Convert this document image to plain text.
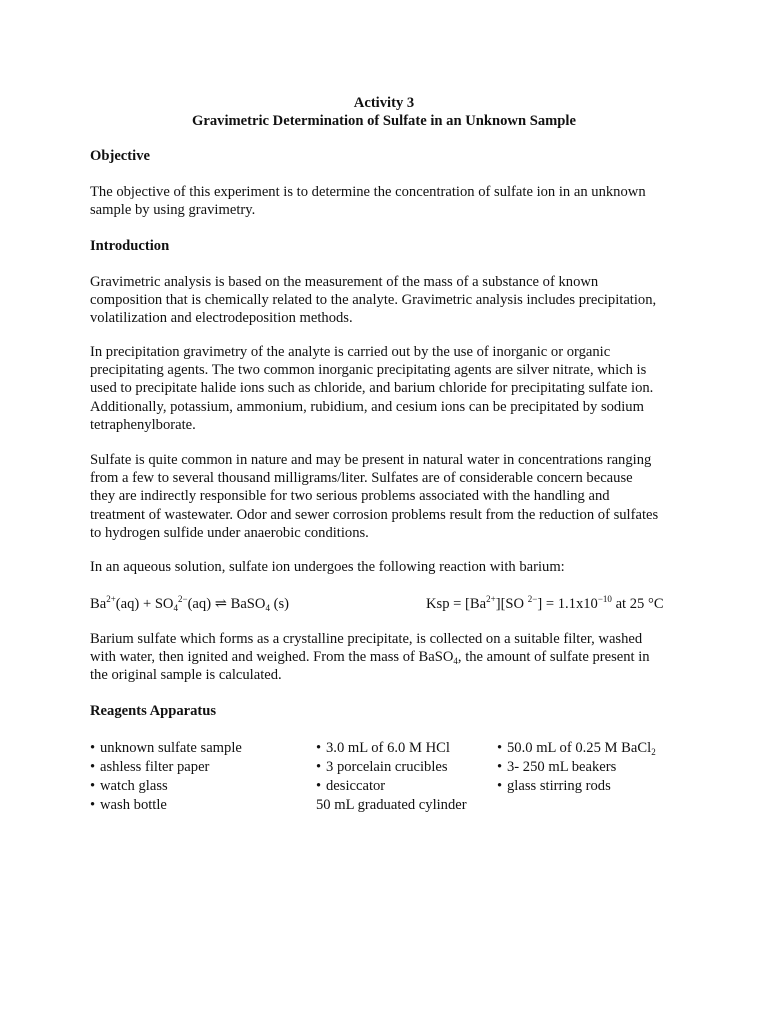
Activity 3
Gravimetric Determination of Sulfate in an Unknown Sample
Objective
The objective of this experiment is to determine the concentration of sulfate ion in an unknown
sample by using gravimetry.
Introduction
Gravimetric analysis is based on the measurement of the mass of a substance of known
composition that is chemically related to the analyte. Gravimetric analysis includes precipitation,
volatilization and electrodeposition methods.
In precipitation gravimetry of the analyte is carried out by the use of inorganic or organic
precipitating agents. The two common inorganic precipitating agents are silver nitrate, which is
used to precipitate halide ions such as chloride, and barium chloride for precipitating sulfate ion.
Additionally, potassium, ammonium, rubidium, and cesium ions can be precipitated by sodium
tetraphenylborate.
Sulfate is quite common in nature and may be present in natural water in concentrations ranging
from a few to several thousand milligrams/liter. Sulfates are of considerable concern because
they are indirectly responsible for two serious problems associated with the handling and
treatment of wastewater. Odor and sewer corrosion problems result from the reduction of sulfates
to hydrogen sulfide under anaerobic conditions.
In an aqueous solution, sulfate ion undergoes the following reaction with barium:
$Ba^{2+}(aq) + SO_4^{2-}(aq)$ ⇌ BaSO$_4$ (s)	Ksp = $[Ba^{2+}][SO$ $^{2-}] = 1.1x10^{-10}$ at 25 °C
Barium sulfate which forms as a crystalline precipitate, is collected on a suitable filter, washed
with water, then ignited and weighed. From the mass of BaSO$_4$, the amount of sulfate present in
the original sample is calculated.
Reagents Apparatus
• unknown sulfate sample
• ashless filter paper
• watch glass
• wash bottle
• 3.0 mL of 6.0 M HCl
• 3 porcelain crucibles
• desiccator
50 mL graduated cylinder
• 50.0 mL of 0.25 M BaCl$_2$
• 3- 250 mL beakers
• glass stirring rods
